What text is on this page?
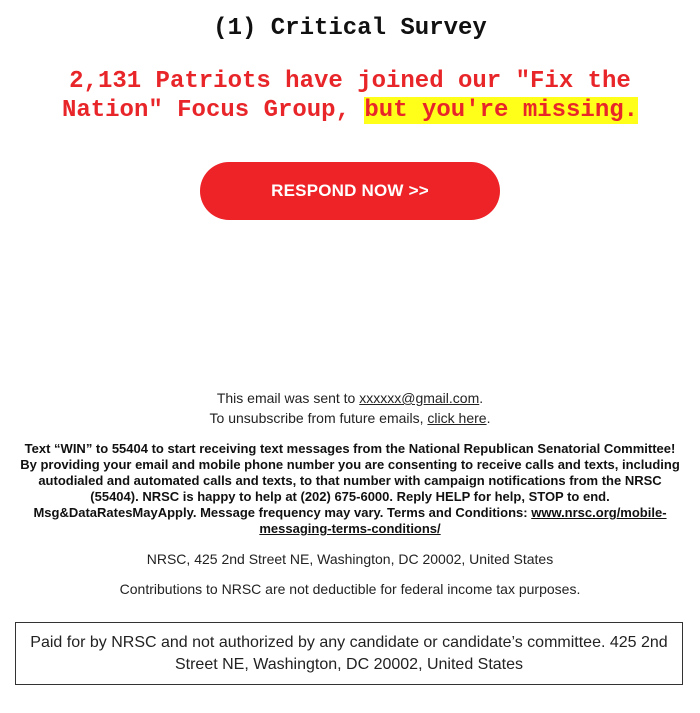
(1) Critical Survey

2,131 Patriots have joined our "Fix the Nation" Focus Group, but you're missing.

RESPOND NOW >>
This email was sent to xxxxxx@gmail.com.
To unsubscribe from future emails, click here.

Text “WIN” to 55404 to start receiving text messages from the National Republican Senatorial Committee! By providing your email and mobile phone number you are consenting to receive calls and texts, including autodialed and automated calls and texts, to that number with campaign notifications from the NRSC (55404). NRSC is happy to help at (202) 675-6000. Reply HELP for help, STOP to end. Msg&DataRatesMayApply. Message frequency may vary. Terms and Conditions: www.nrsc.org/mobile-messaging-terms-conditions/

NRSC, 425 2nd Street NE, Washington, DC 20002, United States
Contributions to NRSC are not deductible for federal income tax purposes.
Paid for by NRSC and not authorized by any candidate or candidate’s committee. 425 2nd Street NE, Washington, DC 20002, United States
